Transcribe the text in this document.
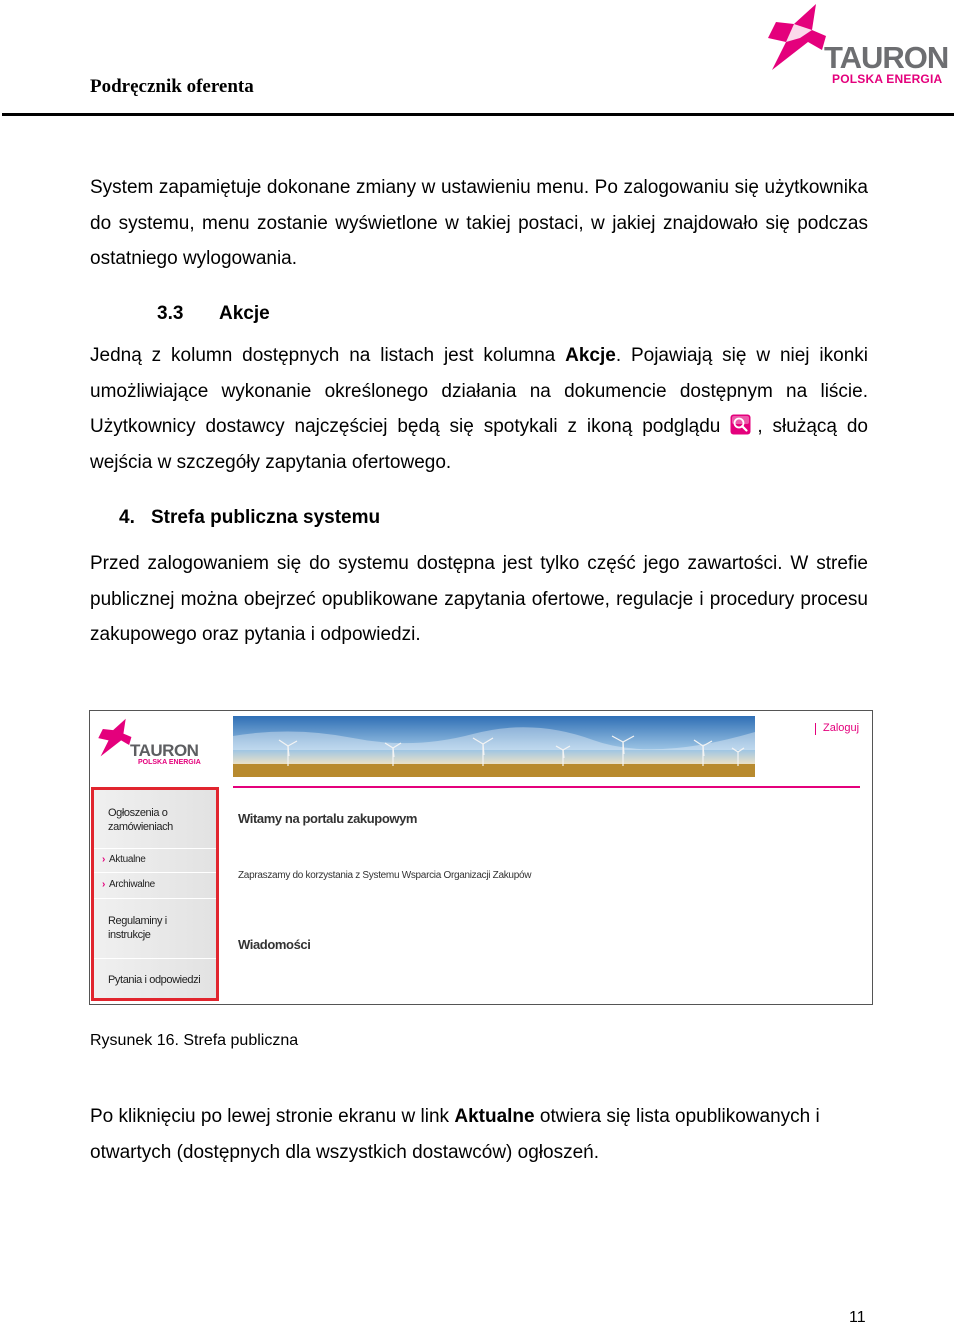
Podręcznik oferenta
TAURON
POLSKA ENERGIA
System zapamiętuje dokonane zmiany w ustawieniu menu. Po zalogowaniu się użytkownika do systemu, menu zostanie wyświetlone w takiej postaci, w jakiej znajdowało się podczas ostatniego wylogowania.
3.3 Akcje
Jedną z kolumn dostępnych na listach jest kolumna Akcje. Pojawiają się w niej ikonki umożliwiające wykonanie określonego działania na dokumencie dostępnym na liście. Użytkownicy dostawcy najczęściej będą się spotykali z ikoną podglądu , służącą do wejścia w szczegóły zapytania ofertowego.
4. Strefa publiczna systemu
Przed zalogowaniem się do systemu dostępna jest tylko część jego zawartości. W strefie publicznej można obejrzeć opublikowane zapytania ofertowe, regulacje i procedury procesu zakupowego oraz pytania i odpowiedzi.
TAURON
POLSKA ENERGIA
Zaloguj
Ogłoszenia o zamówieniach
› Aktualne
› Archiwalne
Regulaminy i instrukcje
Pytania i odpowiedzi
Witamy na portalu zakupowym
Zapraszamy do korzystania z Systemu Wsparcia Organizacji Zakupów
Wiadomości
Rysunek 16. Strefa publiczna
Po kliknięciu po lewej stronie ekranu w link Aktualne otwiera się lista opublikowanych i otwartych (dostępnych dla wszystkich dostawców) ogłoszeń.
11
